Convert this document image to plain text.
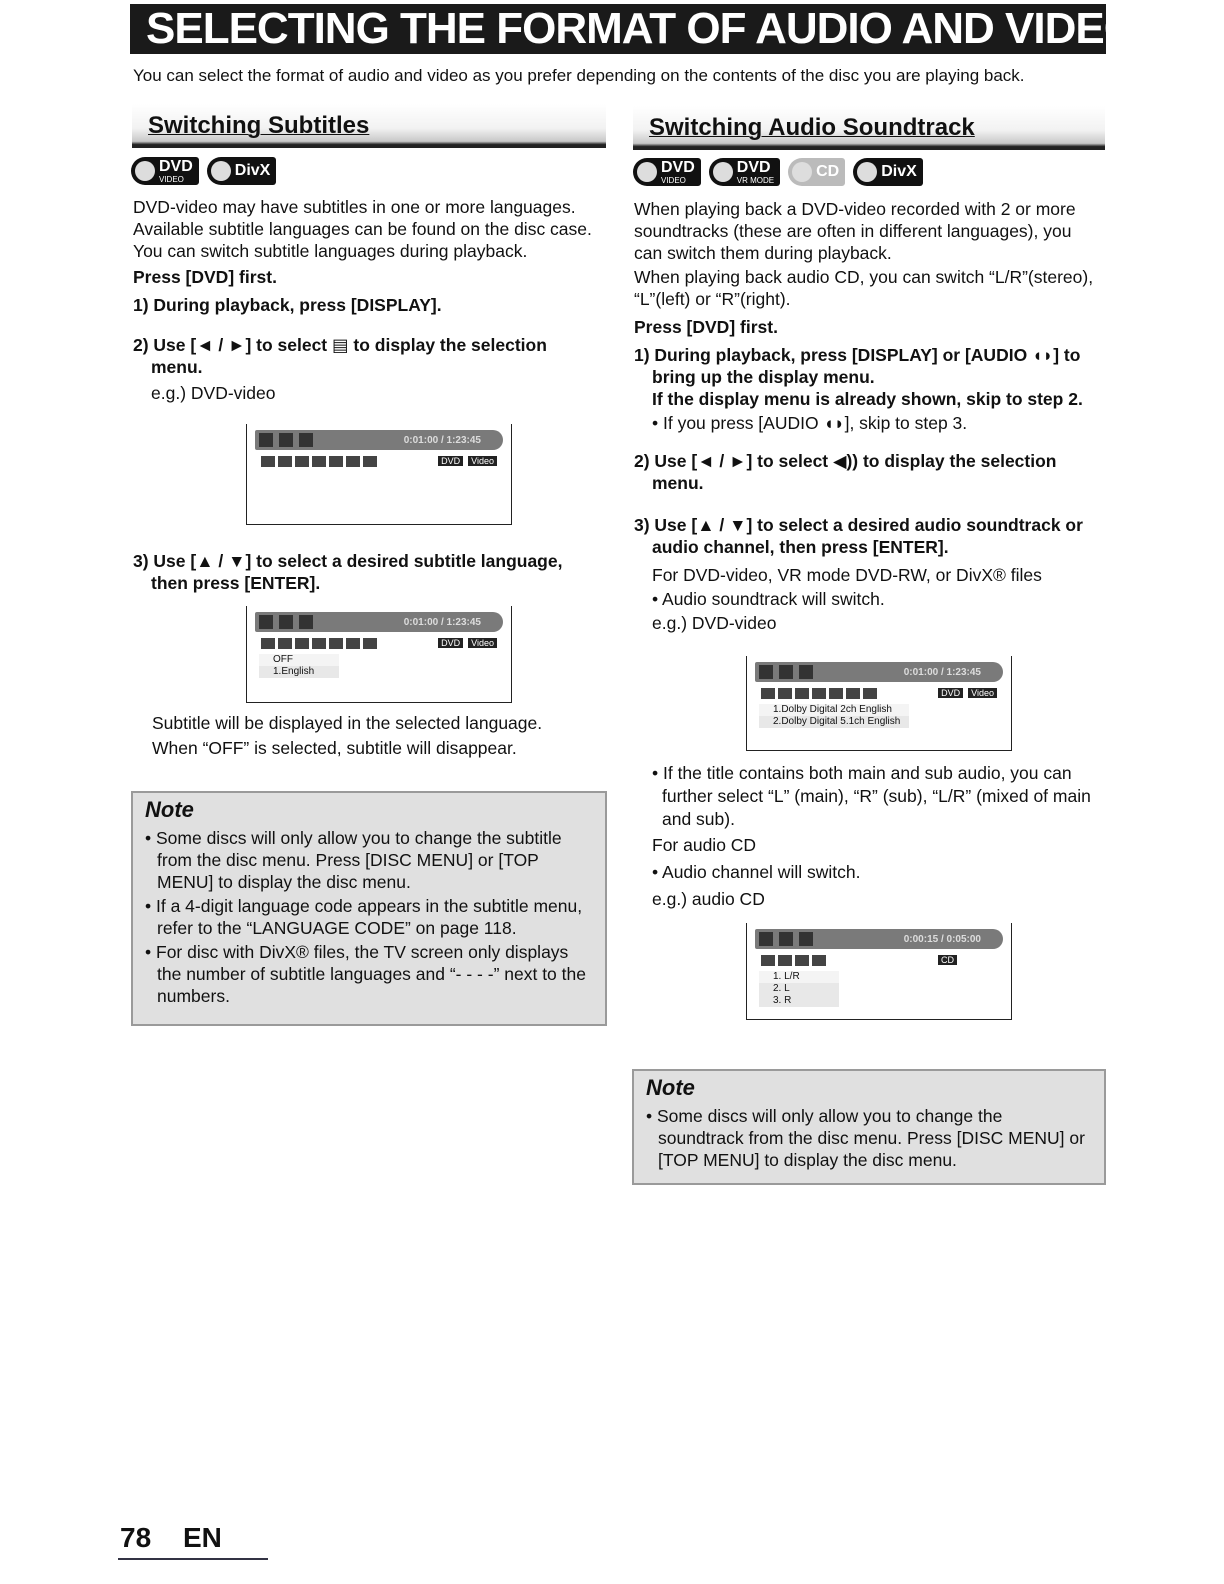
SELECTING THE FORMAT OF AUDIO AND VIDEO
You can select the format of audio and video as you prefer depending on the contents of the disc you are playing back.
Switching Subtitles
DVD
VIDEO
DivX

DVD-video may have subtitles in one or more languages. Available subtitle languages can be found on the disc case. You can switch subtitle languages during playback.

Press [DVD] first.

1) During playback, press [DISPLAY].

2) Use [◄ / ►] to select ▤ to display the selection menu.

e.g.) DVD-video

0:01:00 / 1:23:45
DVD	Video

3) Use [▲ / ▼] to select a desired subtitle language, then press [ENTER].

0:01:00 / 1:23:45
DVD	Video
OFF
1.English

Subtitle will be displayed in the selected language.

When “OFF” is selected, subtitle will disappear.

Note
• Some discs will only allow you to change the subtitle from the disc menu. Press [DISC MENU] or [TOP MENU] to display the disc menu.
• If a 4-digit language code appears in the subtitle menu, refer to the “LANGUAGE CODE” on page 118.
• For disc with DivX® files, the TV screen only displays the number of subtitle languages and “- - - -” next to the numbers.
Switching Audio Soundtrack
DVD
VIDEO
DVD
VR MODE
CD	DivX

When playing back a DVD-video recorded with 2 or more soundtracks (these are often in different languages), you can switch them during playback.

When playing back audio CD, you can switch “L/R”(stereo), “L”(left) or “R”(right).

Press [DVD] first.

1) During playback, press [DISPLAY] or [AUDIO ◖◗] to bring up the display menu.

If the display menu is already shown, skip to step 2.

• If you press [AUDIO ◖◗], skip to step 3.

2) Use [◄ / ►] to select ◀)) to display the selection menu.

3) Use [▲ / ▼] to select a desired audio soundtrack or audio channel, then press [ENTER].

For DVD-video, VR mode DVD-RW, or DivX® files

• Audio soundtrack will switch.

e.g.) DVD-video

0:01:00 / 1:23:45
DVD	Video
1.Dolby Digital 2ch English
2.Dolby Digital 5.1ch English

• If the title contains both main and sub audio, you can further select “L” (main), “R” (sub), “L/R” (mixed of main and sub).

For audio CD

• Audio channel will switch.

e.g.) audio CD

0:00:15 / 0:05:00
CD
1. L/R
2. L
3. R
Note
• Some discs will only allow you to change the soundtrack from the disc menu. Press [DISC MENU] or [TOP MENU] to display the disc menu.
78 EN
